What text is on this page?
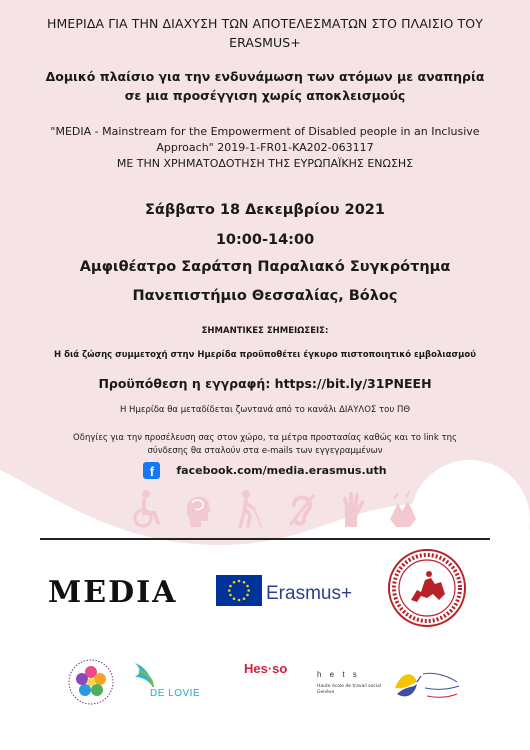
ΗΜΕΡΙΔΑ ΓΙΑ ΤΗΝ ΔΙΑΧΥΣΗ ΤΩΝ ΑΠΟΤΕΛΕΣΜΑΤΩΝ ΣΤΟ ΠΛΑΙΣΙΟ ΤΟΥ ERASMUS+
Δομικό πλαίσιο για την ενδυνάμωση των ατόμων με αναπηρία σε μια προσέγγιση χωρίς αποκλεισμούς
"MEDIA - Mainstream for the Empowerment of Disabled people in an Inclusive Approach" 2019-1-FR01-KA202-063117
ΜΕ ΤΗΝ ΧΡΗΜΑΤΟΔΟΤΗΣΗ ΤΗΣ ΕΥΡΩΠΑΪΚΗΣ ΕΝΩΣΗΣ
Σάββατο 18 Δεκεμβρίου 2021
10:00-14:00
Αμφιθέατρο Σαράτση Παραλιακό Συγκρότημα
Πανεπιστήμιο Θεσσαλίας, Βόλος
ΣΗΜΑΝΤΙΚΕΣ ΣΗΜΕΙΩΣΕΙΣ:
Η διά ζώσης συμμετοχή στην Ημερίδα προϋποθέτει έγκυρο πιστοποιητικό εμβολιασμού
Προϋπόθεση η εγγραφή: https://bit.ly/31PNEEH
Η Ημερίδα θα μεταδίδεται ζωντανά από το κανάλι ΔΙΑΥΛΟΣ του ΠΘ
Οδηγίες για την προσέλευση σας στον χώρο, τα μέτρα προστασίας καθώς και το link της σύνδεσης θα σταλούν στα e-mails των εγγεγραμμένων
f	facebook.com/media.erasmus.uth
MEDIA	Erasmus+
DE LOVIE
Hes·so	h e t s
Haute école de travail social Genève
